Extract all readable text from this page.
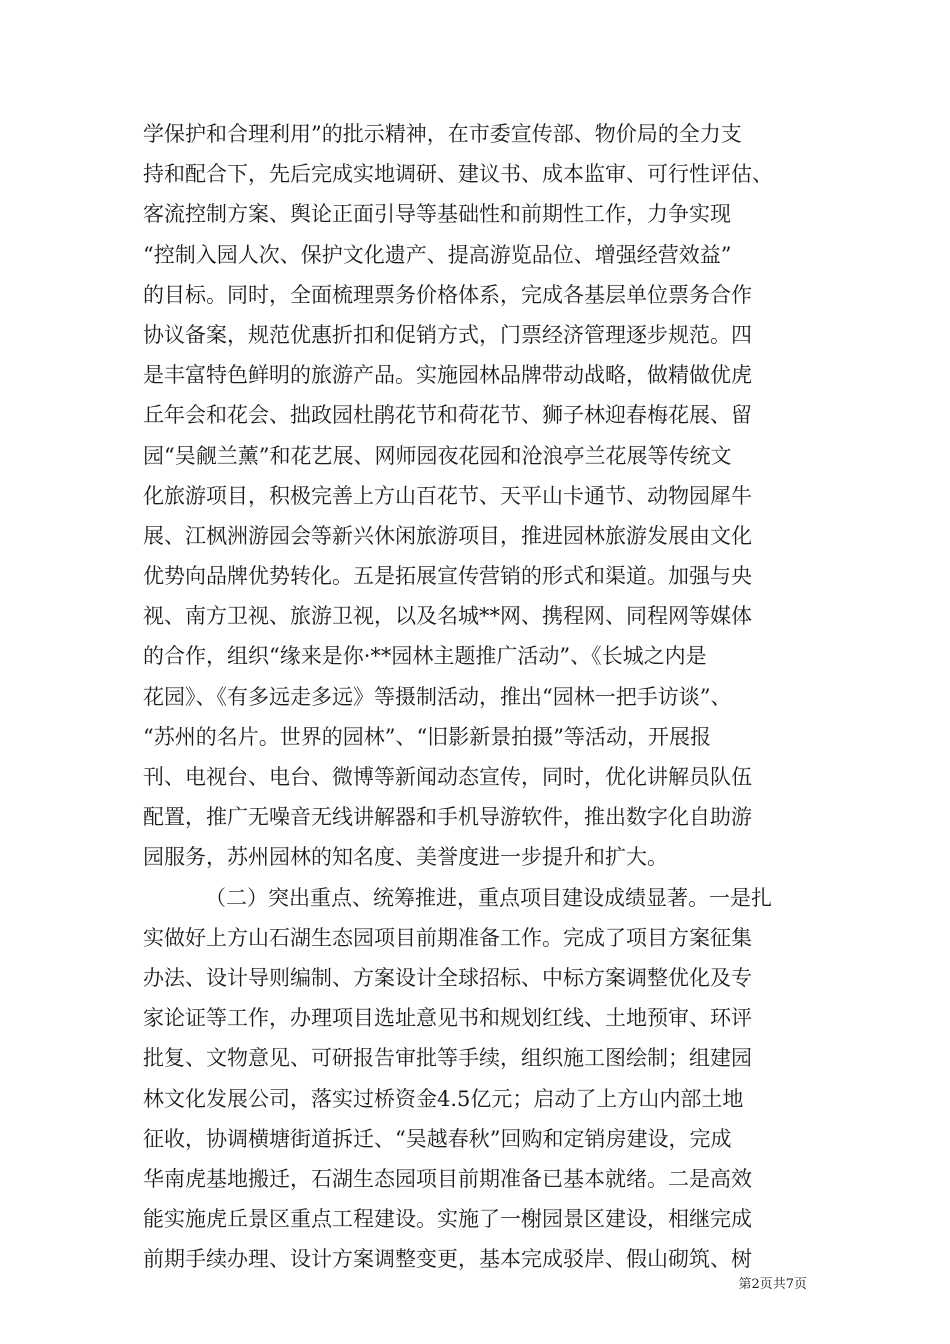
学保护和合理利用”的批示精神，在市委宣传部、物价局的全力支
持和配合下，先后完成实地调研、建议书、成本监审、可行性评估、
客流控制方案、舆论正面引导等基础性和前期性工作，力争实现
“控制入园人次、保护文化遗产、提高游览品位、增强经营效益”
的目标。同时，全面梳理票务价格体系，完成各基层单位票务合作
协议备案，规范优惠折扣和促销方式，门票经济管理逐步规范。四
是丰富特色鲜明的旅游产品。实施园林品牌带动战略，做精做优虎
丘年会和花会、拙政园杜鹃花节和荷花节、狮子林迎春梅花展、留
园“吴觎兰薰”和花艺展、网师园夜花园和沧浪亭兰花展等传统文
化旅游项目，积极完善上方山百花节、天平山卡通节、动物园犀牛
展、江枫洲游园会等新兴休闲旅游项目，推进园林旅游发展由文化
优势向品牌优势转化。五是拓展宣传营销的形式和渠道。加强与央
视、南方卫视、旅游卫视，以及名城**网、携程网、同程网等媒体
的合作，组织“缘来是你·**园林主题推广活动”、《长城之内是
花园》、《有多远走多远》等摄制活动，推出“园林一把手访谈”、
“苏州的名片。世界的园林”、“旧影新景拍摄”等活动，开展报
刊、电视台、电台、微博等新闻动态宣传，同时，优化讲解员队伍
配置，推广无噪音无线讲解器和手机导游软件，推出数字化自助游
园服务，苏州园林的知名度、美誉度进一步提升和扩大。
（二）突出重点、统筹推进，重点项目建设成绩显著。一是扎
实做好上方山石湖生态园项目前期准备工作。完成了项目方案征集
办法、设计导则编制、方案设计全球招标、中标方案调整优化及专
家论证等工作，办理项目选址意见书和规划红线、土地预审、环评
批复、文物意见、可研报告审批等手续，组织施工图绘制；组建园
林文化发展公司，落实过桥资金4.5亿元；启动了上方山内部土地
征收，协调横塘街道拆迁、“吴越春秋”回购和定销房建设，完成
华南虎基地搬迁，石湖生态园项目前期准备已基本就绪。二是高效
能实施虎丘景区重点工程建设。实施了一榭园景区建设，相继完成
前期手续办理、设计方案调整变更，基本完成驳岸、假山砌筑、树
第2页共7页
